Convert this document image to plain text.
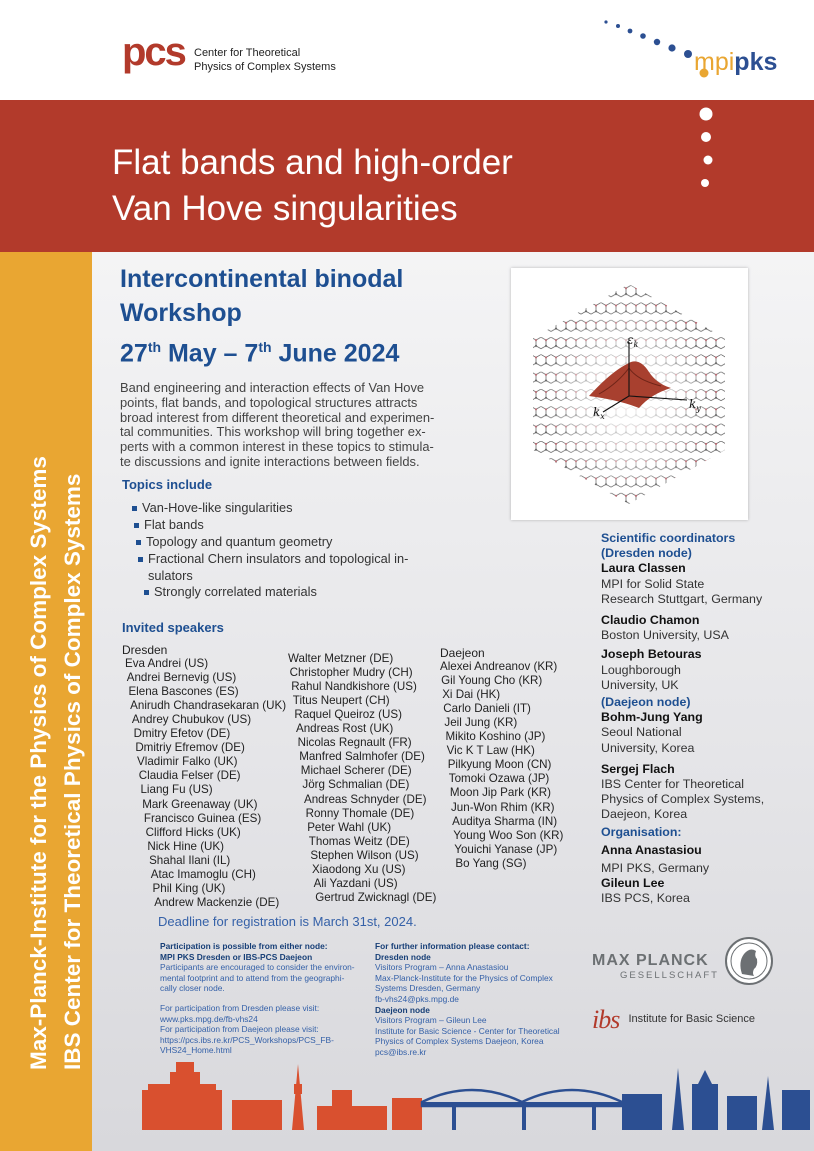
pcs Center for Theoretical
Physics of Complex Systems	mpipks
Flat bands and high-order
Van Hove singularities
Intercontinental binodal
Workshop
27th May – 7th June 2024	$\varepsilon_k$
$k_x$
$k_y$
Band engineering and interaction effects of Van Hove
points, flat bands, and topological structures attracts
broad interest from different theoretical and experimen-
tal communities. This workshop will bring together ex-
perts with a common interest in these topics to stimula-
te discussions and ignite interactions between fields.
Topics include
Van-Hove-like singularities
Flat bands
Topology and quantum geometry
Fractional Chern insulators and topological in-
sulators
Strongly correlated materials
Invited speakers
Dresden	Daejeon
Eva Andrei (US)
Andrei Bernevig (US)
Elena Bascones (ES)
Anirudh Chandrasekaran (UK)
Andrey Chubukov (US)
Dmitry Efetov (DE)
Dmitriy Efremov (DE)
Vladimir Falko (UK)
Claudia Felser (DE)
Liang Fu (US)
Mark Greenaway (UK)
Francisco Guinea (ES)
Clifford Hicks (UK)
Nick Hine (UK)
Shahal Ilani (IL)
Atac Imamoglu (CH)
Phil King (UK)
Andrew Mackenzie (DE)
Walter Metzner (DE)
Christopher Mudry (CH)
Rahul Nandkishore (US)
Titus Neupert (CH)
Raquel Queiroz (US)
Andreas Rost (UK)
Nicolas Regnault (FR)
Manfred Salmhofer (DE)
Michael Scherer (DE)
Jörg Schmalian (DE)
Andreas Schnyder (DE)
Ronny Thomale (DE)
Peter Wahl (UK)
Thomas Weitz (DE)
Stephen Wilson (US)
Xiaodong Xu (US)
Ali Yazdani (US)
Gertrud Zwicknagl (DE)
Alexei Andreanov (KR)
Gil Young Cho (KR)
Xi Dai (HK)
Carlo Danieli (IT)
Jeil Jung (KR)
Mikito Koshino (JP)
Vic K T Law (HK)
Pilkyung Moon (CN)
Tomoki Ozawa (JP)
Moon Jip Park (KR)
Jun-Won Rhim (KR)
Auditya Sharma (IN)
Young Woo Son (KR)
Youichi Yanase (JP)
Bo Yang (SG)
Scientific coordinators
(Dresden node)
Laura Classen
MPI for Solid State
Research Stuttgart, Germany
Claudio Chamon
Boston University, USA
Joseph Betouras
Loughborough
University, UK
(Daejeon node)
Bohm-Jung Yang
Seoul National
University, Korea
Sergej Flach
IBS Center for Theoretical
Physics of Complex Systems,
Daejeon, Korea
Organisation:
Anna Anastasiou
MPI PKS, Germany
Gileun Lee
IBS PCS, Korea
Deadline for registration is March 31st, 2024.
Participation is possible from either node:
MPI PKS Dresden or IBS-PCS Daejeon
Participants are encouraged to consider the environ-
mental footprint and to attend from the geographi-
cally closer node.
For participation from Dresden please visit:
www.pks.mpg.de/fb-vhs24
For participation from Daejeon please visit:
https://pcs.ibs.re.kr/PCS_Workshops/PCS_FB-
VHS24_Home.html
For further information please contact:
Dresden node
Visitors Program – Anna Anastasiou
Max-Planck-Institute for the Physics of Complex
Systems Dresden, Germany
fb-vhs24@pks.mpg.de
Daejeon node
Visitors Program – Gileun Lee
Institute for Basic Science - Center for Theoretical
Physics of Complex Systems Daejeon, Korea
pcs@ibs.re.kr
MAX PLANCK
GESELLSCHAFT
ibs $^{Institute for Basic Science}$
Max-Planck-Institute for the Physics of Complex Systems IBS Center for Theoretical Physics of Complex Systems
